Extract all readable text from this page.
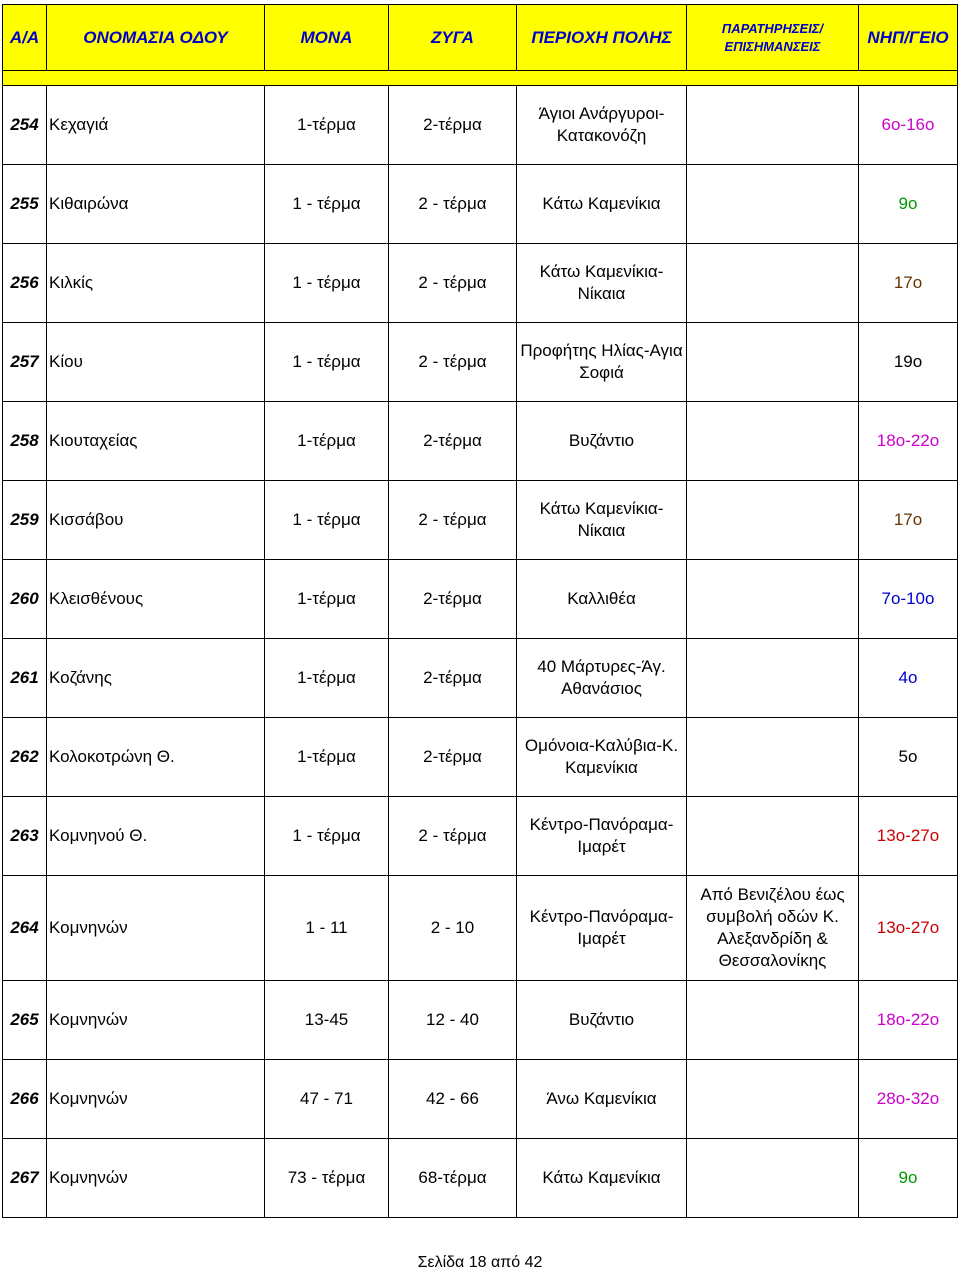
Α/Α	ΟΝΟΜΑΣΙΑ ΟΔΟΥ	ΜΟΝΑ	ΖΥΓΑ	ΠΕΡΙΟΧΗ ΠΟΛΗΣ	ΠΑΡΑΤΗΡΗΣΕΙΣ/ ΕΠΙΣΗΜΑΝΣΕΙΣ	ΝΗΠ/ΓΕΙΟ

254	Κεχαγιά	1-τέρμα	2-τέρμα	Άγιοι Ανάργυροι-Κατακονόζη		6ο-16ο
255	Κιθαιρώνα	1 - τέρμα	2 - τέρμα	Κάτω Καμενίκια		9ο
256	Κιλκίς	1 - τέρμα	2 - τέρμα	Κάτω Καμενίκια-Νίκαια		17ο
257	Κίου	1 - τέρμα	2 - τέρμα	Προφήτης Ηλίας-Αγια Σοφιά		19ο
258	Κιουταχείας	1-τέρμα	2-τέρμα	Βυζάντιο		18ο-22ο
259	Κισσάβου	1 - τέρμα	2 - τέρμα	Κάτω Καμενίκια-Νίκαια		17ο
260	Κλεισθένους	1-τέρμα	2-τέρμα	Καλλιθέα		7ο-10ο
261	Κοζάνης	1-τέρμα	2-τέρμα	40 Μάρτυρες-Άγ. Αθανάσιος		4ο
262	Κολοκοτρώνη Θ.	1-τέρμα	2-τέρμα	Ομόνοια-Καλύβια-Κ. Καμενίκια		5ο
263	Κομνηνού Θ.	1 - τέρμα	2 - τέρμα	Κέντρο-Πανόραμα-Ιμαρέτ		13ο-27ο
264	Κομνηνών	1 - 11	2 - 10	Κέντρο-Πανόραμα-Ιμαρέτ	Από Βενιζέλου έως συμβολή οδών Κ. Αλεξανδρίδη & Θεσσαλονίκης	13ο-27ο
265	Κομνηνών	13-45	12 - 40	Βυζάντιο		18ο-22ο
266	Κομνηνών	47 - 71	42 - 66	Άνω Καμενίκια		28ο-32ο
267	Κομνηνών	73 - τέρμα	68-τέρμα	Κάτω Καμενίκια		9ο
Σελίδα 18 από 42
